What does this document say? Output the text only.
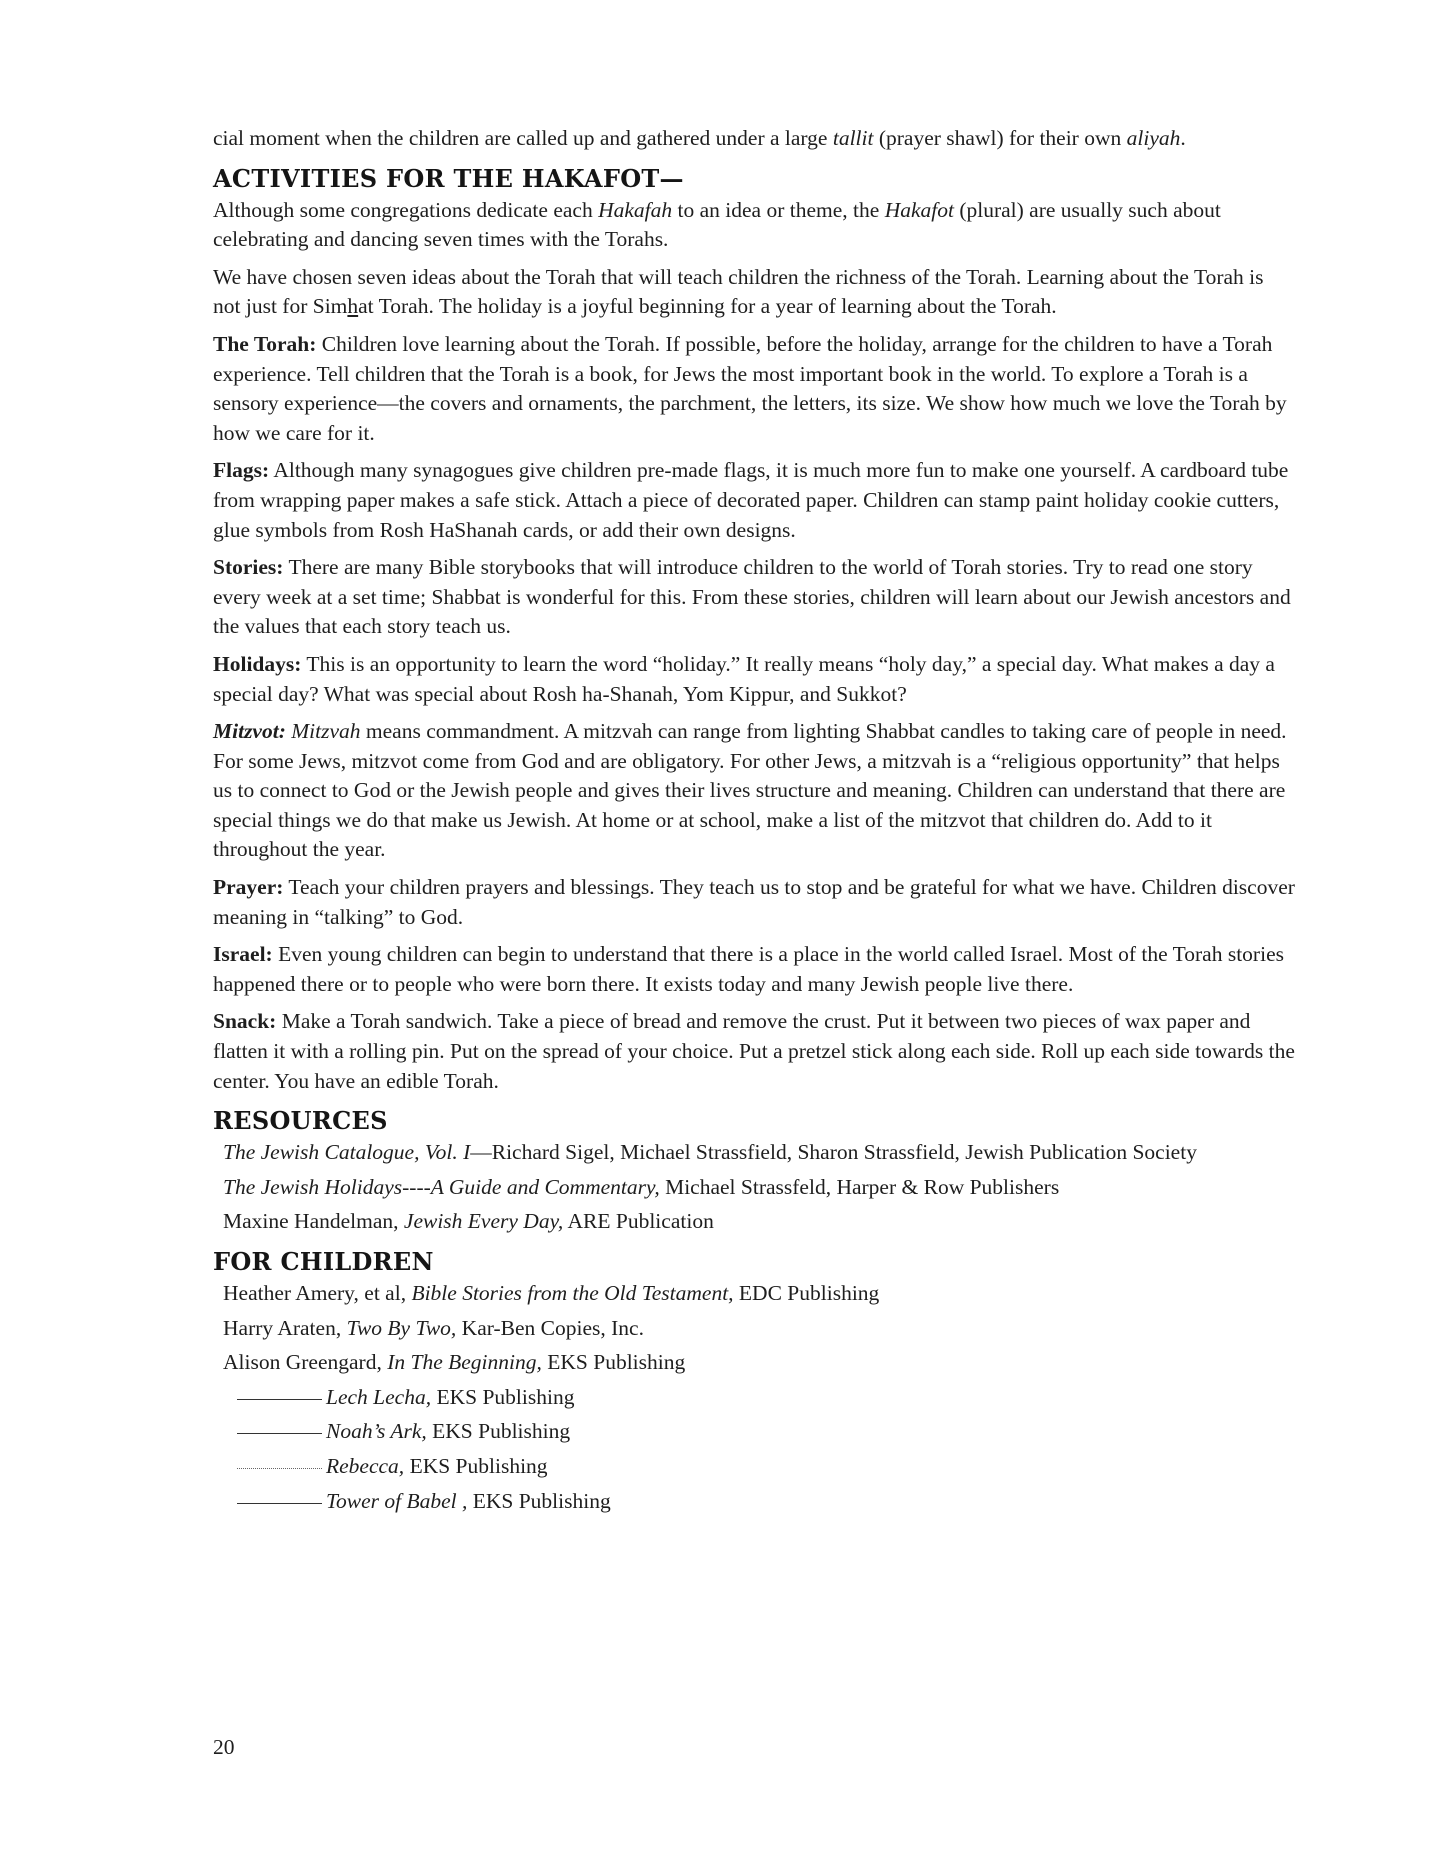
cial moment when the children are called up and gathered under a large tallit (prayer shawl) for their own aliyah.

ACTIVITIES FOR THE HAKAFOT—

Although some congregations dedicate each Hakafah to an idea or theme, the Hakafot (plural) are usually such about celebrating and dancing seven times with the Torahs.

We have chosen seven ideas about the Torah that will teach children the richness of the Torah. Learning about the Torah is not just for Simhat Torah. The holiday is a joyful beginning for a year of learning about the Torah.

The Torah: Children love learning about the Torah. If possible, before the holiday, arrange for the children to have a Torah experience. Tell children that the Torah is a book, for Jews the most important book in the world. To explore a Torah is a sensory experience—the covers and ornaments, the parchment, the letters, its size. We show how much we love the Torah by how we care for it.

Flags: Although many synagogues give children pre-made flags, it is much more fun to make one yourself. A cardboard tube from wrapping paper makes a safe stick. Attach a piece of decorated paper. Children can stamp paint holiday cookie cutters, glue symbols from Rosh HaShanah cards, or add their own designs.

Stories: There are many Bible storybooks that will introduce children to the world of Torah stories. Try to read one story every week at a set time; Shabbat is wonderful for this. From these stories, children will learn about our Jewish ancestors and the values that each story teach us.

Holidays: This is an opportunity to learn the word “holiday.” It really means “holy day,” a special day. What makes a day a special day? What was special about Rosh ha-Shanah, Yom Kippur, and Sukkot?

Mitzvot: Mitzvah means commandment. A mitzvah can range from lighting Shabbat candles to taking care of people in need. For some Jews, mitzvot come from God and are obligatory. For other Jews, a mitzvah is a “religious opportunity” that helps us to connect to God or the Jewish people and gives their lives structure and meaning. Children can understand that there are special things we do that make us Jewish. At home or at school, make a list of the mitzvot that children do. Add to it throughout the year.

Prayer: Teach your children prayers and blessings. They teach us to stop and be grateful for what we have. Children discover meaning in “talking” to God.

Israel: Even young children can begin to understand that there is a place in the world called Israel. Most of the Torah stories happened there or to people who were born there. It exists today and many Jewish people live there.

Snack: Make a Torah sandwich. Take a piece of bread and remove the crust. Put it between two pieces of wax paper and flatten it with a rolling pin. Put on the spread of your choice. Put a pretzel stick along each side. Roll up each side towards the center. You have an edible Torah.

RESOURCES

The Jewish Catalogue, Vol. I—Richard Sigel, Michael Strassfield, Sharon Strassfield, Jewish Publication Society

The Jewish Holidays----A Guide and Commentary, Michael Strassfeld, Harper & Row Publishers

Maxine Handelman, Jewish Every Day, ARE Publication

FOR CHILDREN

Heather Amery, et al, Bible Stories from the Old Testament, EDC Publishing

Harry Araten, Two By Two, Kar-Ben Copies, Inc.

Alison Greengard, In The Beginning, EKS Publishing

Lech Lecha, EKS Publishing

Noah’s Ark, EKS Publishing

Rebecca, EKS Publishing

Tower of Babel , EKS Publishing

20
